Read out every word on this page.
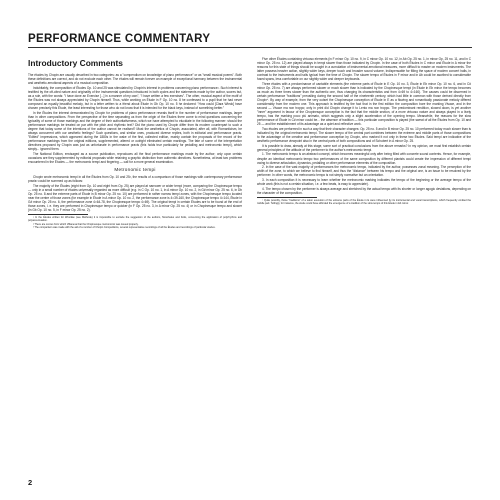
PERFORMANCE COMMENTARY
Introductory Comments

The études by Chopin are usually described in two categories: as a "compendium on knowledge of piano performance" or as "small musical poems". Both these definitions are correct, and do not exclude each other. The études will remain forever an example of exceptional harmony between the instrumental and aesthetic-emotional aspects of a musical composition.

Indubitably, the composition of Études Op. 10 and 25 was stimulated by Chopin's interest in problems concerning piano performance¹. Such interest is testified by the oft-cited nature and originality of the instrumental questions introduced in both cycles and the statements made by the author, scores but, as a rule, with the words: "I have done an Exercise [...] in a manner of my own", "I have written a few exercises". The other, musical aspect of the motif of the Études was not always appreciated by Chopin himself. Thus, while working on Étude in F Op. 10 no. 8 he confessed to a pupil that he had never composed an equally beautiful melody, but in a letter written to a friend about Étude in Gb Op. 10 no. 5 he declared: "How could [Clara Wieck] have chosen precisely this Étude, the least interesting for those who do not know that it is intended for the black keys, instead of something better."

In the Études the interest demonstrated by Chopin for problems of piano performance reveals itself in the number of performance markings, larger than in other compositions. From the perspective of the time separating us from the origin of the Études there come to mind questions concerning the typicality of some of those markings and the degree of their authoritativeness, which we have attempted to elucidate in the following manner: should the performance markings be treated on par with the pitch and rhythmic text? Did the piano used by Chopin differ from its modern counterpart to such a degree that today some of the intentions of the author cannot be realised? Must the aesthetics of Chopin, associated, after all, with Romanticism, be always concurrent with our aesthetic feelings? Such questions, and similar ones, produced diverse replies, both in editorial and performance praxis. "Edited" impressions, which appeared during the 1880s in the wake of the first, collected edition, mainly contain the proposals of the record of the performance markings from the original editions, supplemented, altered or outright eliminated certain markings. The fate of some of the interpretation directives proposed by Chopin was just as unfortunate in performance praxis (this holds true particularly for pedalling and metronomic tempi), which simply... ignored them.

The National Edition, envisaged as a source publication, reproduces all the final performance markings made by the author; only upon certain occasions are they supplemented by editorial proposals while retaining a graphic distinction from authentic directives. Nonetheless, at least two problems encountered in the Études — the metronomic tempi and fingering — call for a more general examination.

Metronomic tempi

Chopin wrote metronomic tempi in all the Études from Op. 10 and 25², the results of a comparison of those markings with contemporary performance praxis³ could be summed up as follows:

The majority of the Études (eight from Op. 10 and eight from Op. 25) are played at narrower or wider tempi (more, comparing the Chopinesque tempo — only in a small number of études universally regarded as more difficult (e.g. in C Op. 10 no. 1, in A minor Op. 10 no. 2, in G# minor Op. 25 no. 6, in Db Op. 25 no. 8 and the extreme parts of Étude in B minor Op. 25 no. 10) are performed in rather narrow tempi zones, with the Chopinesque tempo located near the centre of those zones (for example in Étude in A minor Op. 10 no. 2, the performance zone is 4=39-160, the Chopinesque tempo 4=144, Étude in G# minor Op. 25 no. 6, the performance zone 4=64-78, the Chopinesque tempo 4=69). The original tempi in certain Études are to be found at the end of those zones, i. e. they are performed in Chopinesque tempo or quicker (in F Op. 25 no. 3, in A minor Op. 25 no. 4) or in Chopinesque tempo and slower (in Gb Op. 10 no. 5, in F minor Op. 25 no. 2).

¹ In the Études written for Wrocław (see Méthode) it is impossible to exclude the suggestion of the authors, Moscheles and Fétis, concerning the application of polyrhythms and polyaccentuation.

² There are scores from which Villaneva that the Chopinesque metronomic was issued properly.

³ The comparison was made with the aid of a number of Chopin Competitions, several representative recordings of all the Études and recordings of particular études.

Five other Études containing virtuoso elements (in F minor Op. 10 no. 9, in C minor Op. 10 no. 12, in Ab Op. 25 no. 1, in minor Op. 25 no. 11, and in C minor Op. 25 no. 12) are played always in tempi slower than those indicated by Chopin. In the case of both Études in C minor and Étude in A minor the reasons for this state of things should be sought in a cumulation of instrumental-emotional measures, more difficult to master on modern instruments. The latter possess heavier action, slightly wider keys, deeper touch and broader sound volume. Indispensable for filling the space of modern concert halls, in contrast to the instruments and halls typical from the time of Chopin. The slower tempo of Études in F minor and in Ab could be ascribed to considerable fused spans, less comfortable on our slightly wider and deeper keyboards.

Three études with a predominance of cantabile elements (the extreme parts of Étude in E Op. 10 no. 3, Étude in Eb minor Op. 10 no. 6, and in C# minor Op. 25 no. 7) are always performed slower or much slower than is indicated by the Chopinesque tempi (in Étude in Eb minor the tempo becomes as much as three times slower than the authentic one, thus changing its characteristics and from 4=69 to 4=160). The causes could be discerned in certain performance "traditions" prevailing during the second half of the nineteenth century, which had little in common with those derived directly from Chopin⁴. By way of example, from the very outset the Chopinesque conception of Étude in E as a flowing and romantically passionate melody differed considerably from the modern one. This approach is testified by the fact that in the first edition the composition bore the marking Vivace, and in the second — Vivace ma non troppo; only in print did Chopin change it to Lento ma non troppo. The predominant rendition, slowed down, is yet another "inner" argument in favour of the Chopinesque conception is the fact that the middle section, of a more virtuoso nature and always played in a lively tempo, has the marking poco più animato, which suggests only a slight acceleration of the opening tempo. Meanwhile, the reasons for the slow performance of Étude in C# minor could be... the absence of tradition — this particular composition is played (the sweat of all the Études from Op. 10 and 25 — and the establishment of its advantage as a quiet and reflective work.

Two études are performed in such a way that their character changes: Op. 25 no. 5 and in B minor Op. 25 no. 10 performed today much slower than is indicated by the original metronomic tempi. The slower tempo of the central part combines between the extreme and middle parts of those compositions to the advantage of the creative and performance conception by Chopin, who marked it not only in these two Études. Said tempi are indicative of the aesthetic performance viewpoint also in the central parts of both compositions and of Schubert in A minor Op. 25.

It is possible to draw, already at this stage, some sort of practical conclusions from the above remarks? In my opinion, we must first establish certain general principles of the attitude of the performer to the author's metronomic tempi.

1. The metronomic tempo is an abstract concept, which becomes meaningful only after being filled with concrete sound contents. Hence, for example, despite an identical metronomic tempo two performances of the same composition by different pianists could create the impression of different tempi owing to diverse articulation, dynamics, pedalling or other performance elements of the composition.

2. In the case of the vast majority of performances the metronomic tempo, indicated by the author, possesses zonal meaning. The perception of the width of the zone, to which we believe to find himself, and thus the "distance" between his tempo and the original one, is an issue to be resolved by the performer. In other words, the metronomic tempo is not simply normative but an orientation.

3. In each composition it is necessary to learn whether the metronomic marking indicates the tempo of the beginning or the average tempo of the whole work (this is not a certain situation, i.e. a few beats, is easy to appreciate).

4. The tempo chosen by the performer is always average and stretched by the actual tempo with its shorter or longer agogic deviations, depending on the character of the composition.

⁴ Quite possibly, those "traditions" of a salon execution of the extreme parts of the Étude in E were influenced by its instrumental and vocal transcriptions, which frequently omitted the middle part. Tellingly, for instance, the étude could have afforded the emergence of a tradition of the slow tempo of this Étude in Eb minor.

2
